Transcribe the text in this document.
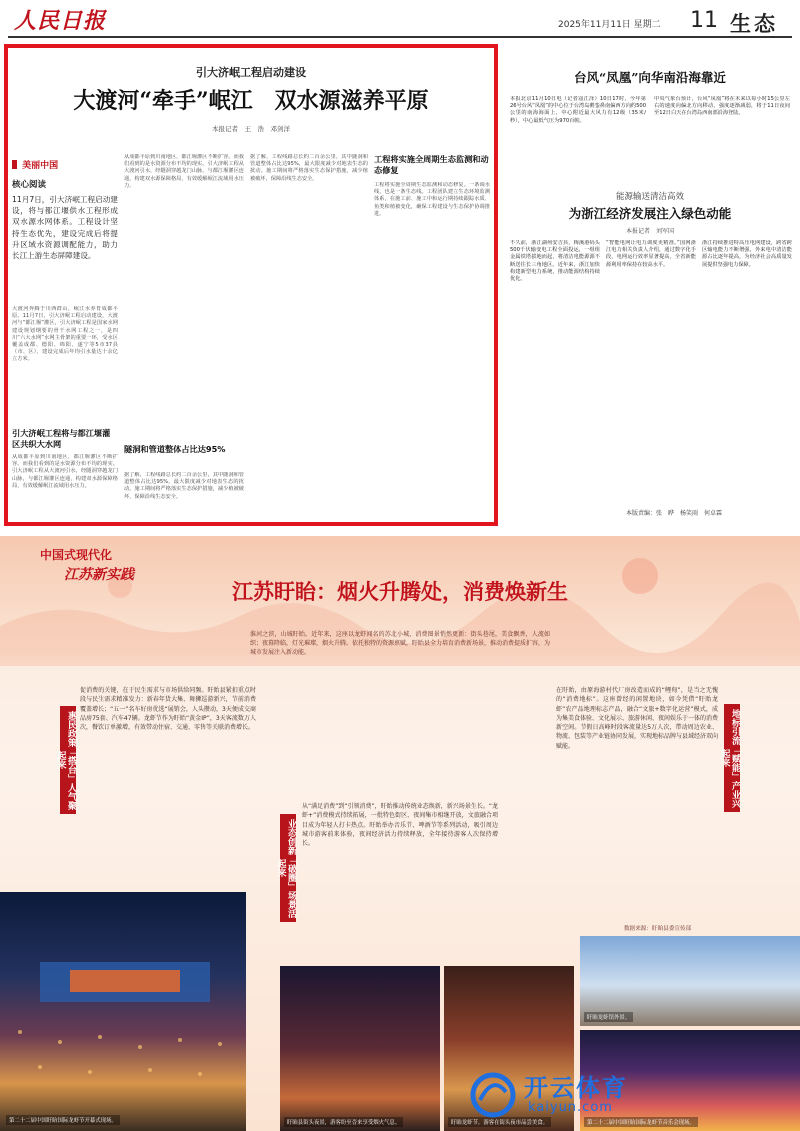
人民日报	2025年11月11日 星期二 11 生态
引大济岷工程启动建设
大渡河“牵手”岷江　双水源滋养平原
本报记者　王　浩　邓剑洋
美丽中国
核心阅读
11月7日，引大济岷工程启动建设，将与都江堰供水工程形成双水源水网体系。工程设计坚持生态优先，建设完成后将提升区域水资源调配能力，助力长江上游生态屏障建设。
大渡河奔腾于川西群山，岷江水养育成都平原。11月7日，引大济岷工程启动建设，大渡河与“都江堰”灌区，引大济岷工程是国家水网建设规划纲要的骨干水网工程之一，是四川“六大水网”水网主骨架的重要一环，受水区覆盖成都、德阳、绵阳、遂宁等5市37县（市、区），建设完成后年均引水量达十余亿立方米。
引大济岷工程将与都江堰灌区共织大水网
从成都平原到川南地区，都江堰灌区不断扩容。而我们看到的是水资源分布不均的现实。引大济岷工程从大渡河引水，经隧洞穿越龙门山脉，与都江堰灌区连通，构建双水源保障格局，有效缓解岷江流域用水压力。
从成都平原到川南地区，都江堰灌区不断扩容。而我们看到的是水资源分布不均的现实。引大济岷工程从大渡河引水，经隧洞穿越龙门山脉，与都江堰灌区连通，构建双水源保障格局，有效缓解岷江流域用水压力。
隧洞和管道整体占比达95%
据了解，工程线路总长约二百余公里，其中隧洞和管道整体占比达95%，最大限度减少对地表生态的扰动。施工期间将严格落实生态保护措施，减少植被破坏，保障沿线生态安全。
据了解，工程线路总长约二百余公里，其中隧洞和管道整体占比达95%，最大限度减少对地表生态的扰动。施工期间将严格落实生态保护措施，减少植被破坏，保障沿线生态安全。
工程将实施全周期生态监测和动态修复
工程将实施全周期生态监测和动态修复。一条调水线，也是一条生态线。工程团队建立生态环境监测体系，在施工前、施工中和运行期持续跟踪水质、鱼类和植被变化，确保工程建设与生态保护协调推进。
台风“凤凰”向华南沿海靠近
本报北京11月10日电（记者寇江泽）10日17时，今年第26号台风“凤凰”的中心位于台湾岛鹅銮鼻南偏西方向约500公里的南海海面上，中心附近最大风力有12级（35米/秒），中心最低气压为970百帕。
中央气象台预计，台风“凤凰”将在未来以每小时15公里左右的速度向偏北方向移动，强度逐渐减弱，将于11日夜间至12日白天在台湾岛西南部沿海登陆。
能源输送清洁高效
为浙江经济发展注入绿色动能
本报记者　刘军国
不久前，浙江湖州安吉县，梅溪港码头500千伏输变电工程全面投运，一组组金属铁塔拔地而起，将清洁电能源源不断送往长三角地区。近年来，浙江加快构建新型电力系统，推动能源结构持续优化。
“智能电网让电力调度更精准。”国网浙江电力相关负责人介绍，通过数字化手段，电网运行效率显著提高，全省新能源利用率保持在较高水平。
浙江持续推进特高压电网建设，跨省跨区输电能力不断增强，外来电中清洁能源占比逐年提高，为经济社会高质量发展提供坚强电力保障。
本版责编：张　晔　杨笑雨　何卓霖
中国式现代化
江苏新实践
江苏盱眙：烟火升腾处，消费焕新生
淮河之滨，山城盱眙。近年来，这座以龙虾闻名的苏北小城，消费图景悄然更新：街头巷尾，美食飘香，人流如织；夜幕降临，灯光璀璨，烟火升腾。依托独特的资源禀赋，盱眙县全力培育消费新场景，推动消费提质扩容，为城市发展注入新动能。
惠民政策「搭台」人气聚起来
业态创新「破圈」场景活起来
地标引流「赋能」产业兴起来
促消费的关键，在于民生需求与市场供给同频。盱眙县紧扣重点时段与民生需求精准发力：新春年货大集、舞狮巡游新兴，节前消费覆盖增长；“五一”名车好房优选“展销会，人头攒动，3天便成交商品房75套、汽车47辆。龙虾节作为盱眙“黄金IP”，3天客流数万人次，餐饮订单激增，有效带动住宿、交通、零售等关联消费增长。
从“满足消费”到“引领消费”，盱眙推动传统业态焕新，新兴场景生长。“龙虾+”消费模式持续拓展，一批特色街区、夜间集市相继开放，文旅融合项目成为年轻人打卡热点。盱眙举办音乐节、啤酒节等系列活动，吸引周边城市游客前来体验，夜间经济活力持续释放，全年接待游客人次保持增长。
在盱眙，由原海游村代厂房改造而成的“鲤甸”，是当之无愧的“消费地标”。这座曾经的闲置地块，如今凭借“盱眙龙虾”农产品地理标志产品，融合“文旅+数字化运营”模式，成为集美食体验、文化展示、旅游休闲、夜间娱乐于一体的消费新空间。节假日高峰时段客流量达5万人次，带动周边农业、物流、包装等产业链协同发展，实现地标品牌与县域经济双向赋能。
第二十二届中国盱眙国际龙虾节开幕式现场。	盱眙县街头夜景，游客纷至沓来享受烟火气息。	盱眙龙虾节，游客在街头夜市品尝美食。
盱眙龙虾馆外景。
第二十二届中国盱眙国际龙虾节音乐会现场。
数据来源：盱眙县委宣传部
开云体育
kaiyun.com
